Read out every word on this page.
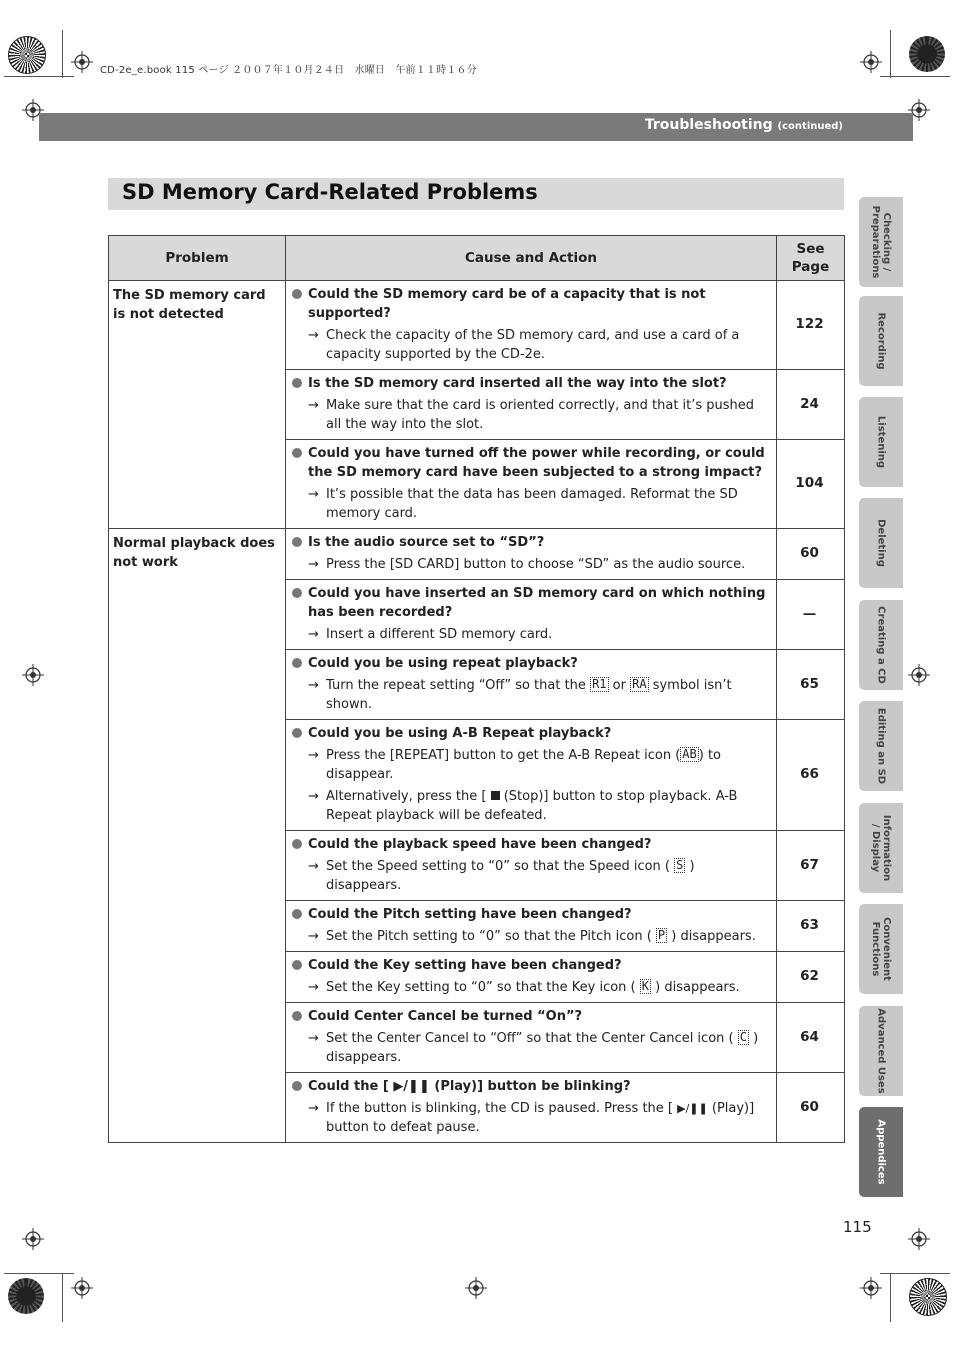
CD-2e_e.book 115 ページ ２００７年１０月２４日　水曜日　午前１１時１６分
Troubleshooting (continued)
SD Memory Card-Related Problems
Problem	Cause and Action	See Page
The SD memory card is not detected	Could the SD memory card be of a capacity that is not supported?
→ Check the capacity of the SD memory card, and use a card of a capacity supported by the CD-2e.	122

Is the SD memory card inserted all the way into the slot?
→ Make sure that the card is oriented correctly, and that it’s pushed all the way into the slot.	24

Could you have turned off the power while recording, or could the SD memory card have been subjected to a strong impact?
→ It’s possible that the data has been damaged. Reformat the SD memory card.	104
Normal playback does not work	Is the audio source set to “SD”?
→ Press the [SD CARD] button to choose “SD” as the audio source.	60

Could you have inserted an SD memory card on which nothing has been recorded?
→ Insert a different SD memory card.	—

Could you be using repeat playback?
→ Turn the repeat setting “Off” so that the R1 or RA symbol isn’t shown.	65

Could you be using A-B Repeat playback?
→ Press the [REPEAT] button to get the A-B Repeat icon ( AB ) to disappear.
→ Alternatively, press the [ (Stop)] button to stop playback. A-B Repeat playback will be defeated.	66

Could the playback speed have been changed?
→ Set the Speed setting to “0” so that the Speed icon ( S ) disappears.	67

Could the Pitch setting have been changed?
→ Set the Pitch setting to “0” so that the Pitch icon ( P ) disappears.	63

Could the Key setting have been changed?
→ Set the Key setting to “0” so that the Key icon ( K ) disappears.	62

Could Center Cancel be turned “On”?
→ Set the Center Cancel to “Off” so that the Center Cancel icon ( C ) disappears.	64

Could the [ ▶/❚❚ (Play)] button be blinking?
→ If the button is blinking, the CD is paused. Press the [ ▶/❚❚ (Play)] button to defeat pause.	60
Checking /
Preparations
Recording
Listening
Deleting
Creating a CD
Editing an SD
Information
/ Display
Convenient
Functions
Advanced Uses
Appendices
115
